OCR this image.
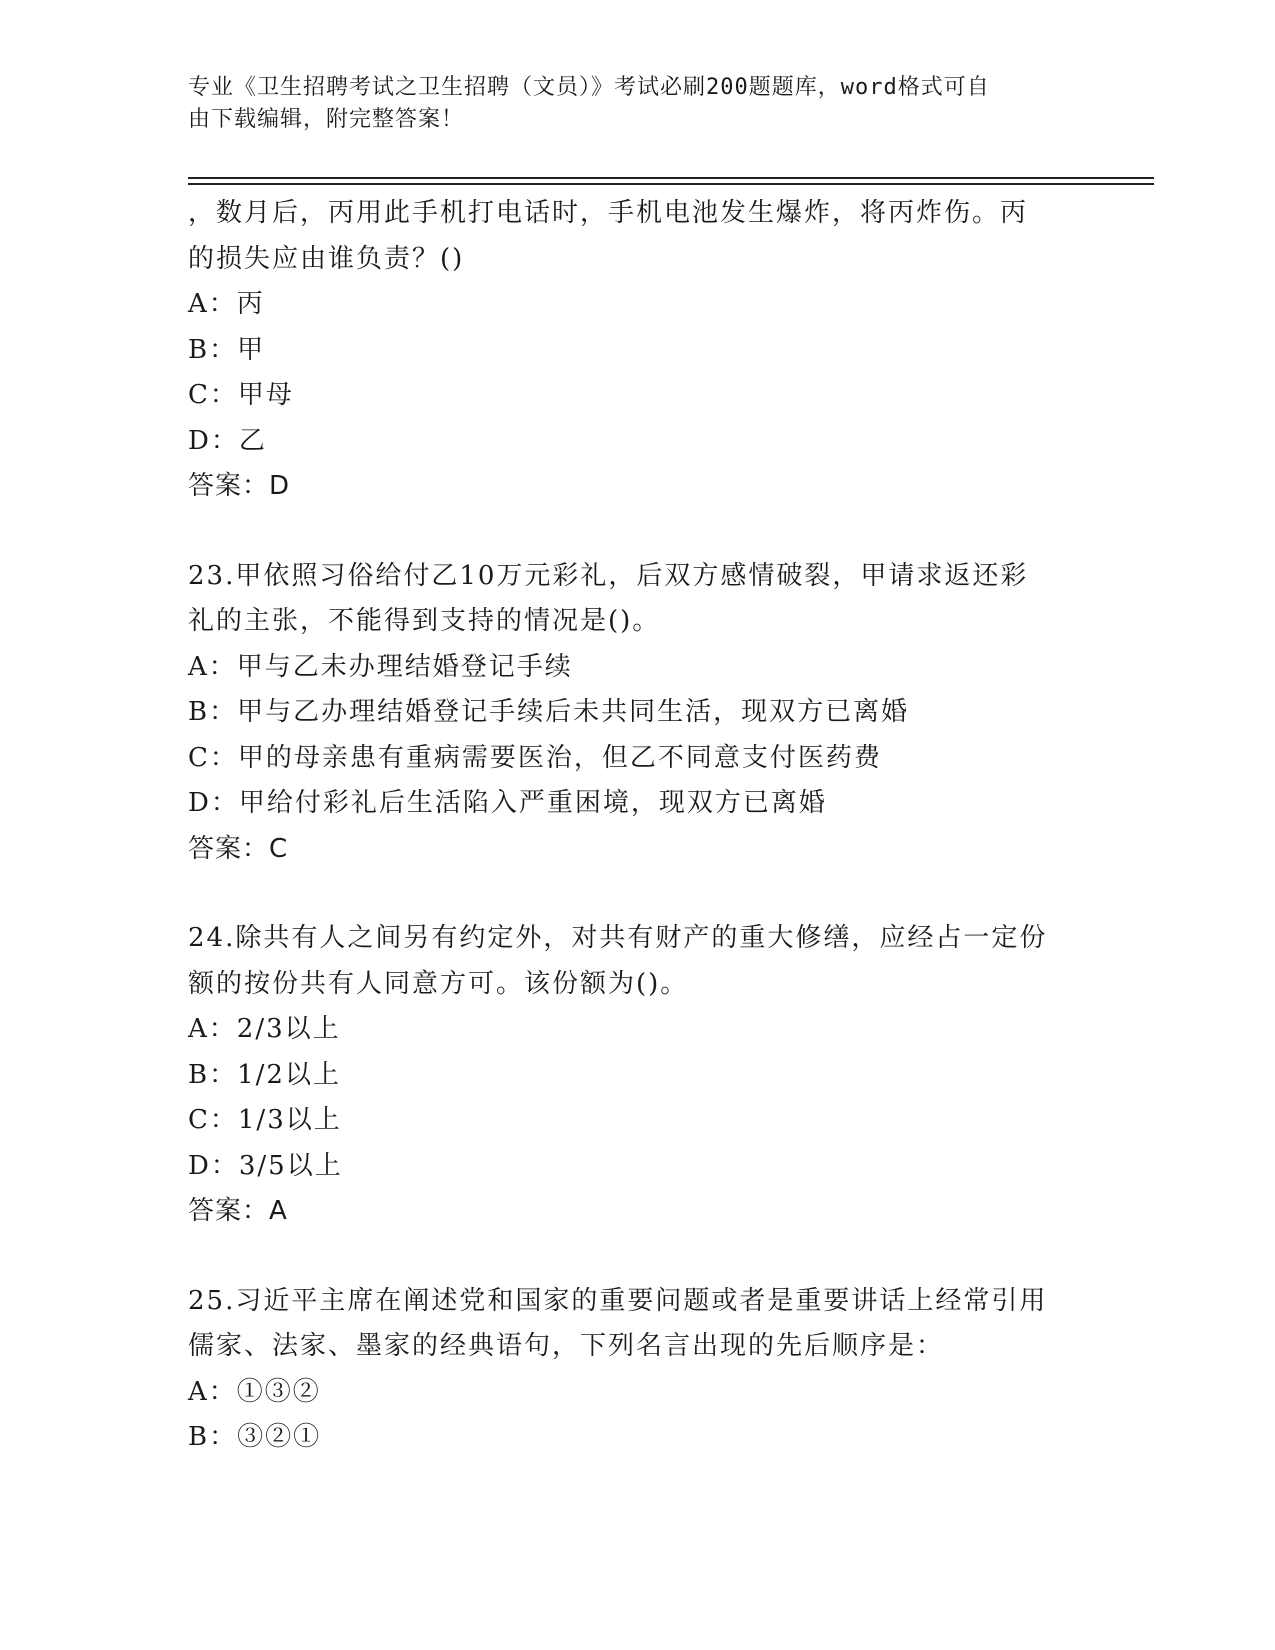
专业《卫生招聘考试之卫生招聘（文员）》考试必刷200题题库，word格式可自
由下载编辑，附完整答案！
，数月后，丙用此手机打电话时，手机电池发生爆炸，将丙炸伤。丙
的损失应由谁负责？()
A：丙
B：甲
C：甲母
D：乙
答案：D
23.甲依照习俗给付乙10万元彩礼，后双方感情破裂，甲请求返还彩
礼的主张，不能得到支持的情况是()。
A：甲与乙未办理结婚登记手续
B：甲与乙办理结婚登记手续后未共同生活，现双方已离婚
C：甲的母亲患有重病需要医治，但乙不同意支付医药费
D：甲给付彩礼后生活陷入严重困境，现双方已离婚
答案：C
24.除共有人之间另有约定外，对共有财产的重大修缮，应经占一定份
额的按份共有人同意方可。该份额为()。
A：2/3以上
B：1/2以上
C：1/3以上
D：3/5以上
答案：A
25.习近平主席在阐述党和国家的重要问题或者是重要讲话上经常引用
儒家、法家、墨家的经典语句，下列名言出现的先后顺序是：
A：①③②
B：③②①
